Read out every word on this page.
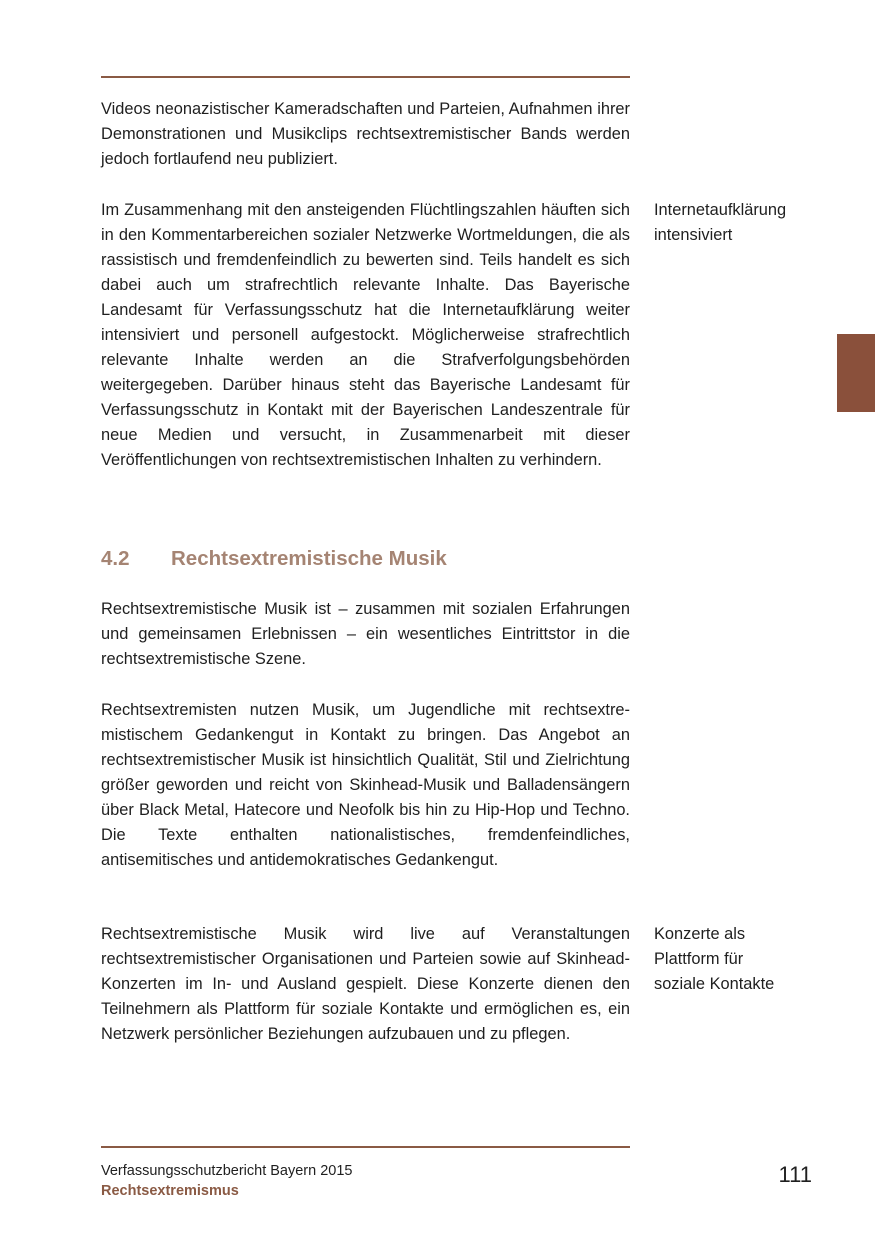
Videos neonazistischer Kameradschaften und Parteien, Aufnahmen ihrer Demonstrationen und Musikclips rechtsextremistischer Bands werden jedoch fortlaufend neu publiziert.

Im Zusammenhang mit den ansteigenden Flüchtlingszahlen häuften sich in den Kommentarbereichen sozialer Netzwerke Wortmeldungen, die als rassistisch und fremdenfeindlich zu bewerten sind. Teils handelt es sich dabei auch um strafrechtlich relevante Inhalte. Das Bayerische Landesamt für Verfassungsschutz hat die Internetaufklärung weiter intensiviert und personell aufgestockt. Möglicherweise strafrechtlich relevante Inhalte werden an die Strafverfolgungsbehörden weitergegeben. Darüber hinaus steht das Bayerische Landesamt für Verfassungsschutz in Kontakt mit der Bayerischen Landeszentrale für neue Medien und versucht, in Zusammenarbeit mit dieser Veröffentlichungen von rechtsextremistischen Inhalten zu verhindern.

Internetaufklärung
intensiviert
4.2 Rechtsextremistische Musik

Rechtsextremistische Musik ist – zusammen mit sozialen Erfahrungen und gemeinsamen Erlebnissen – ein wesentliches Eintrittstor in die rechtsextremistische Szene.

Rechtsextremisten nutzen Musik, um Jugendliche mit rechtsextremistischem Gedankengut in Kontakt zu bringen. Das Angebot an rechtsextremistischer Musik ist hinsichtlich Qualität, Stil und Zielrichtung größer geworden und reicht von Skinhead-Musik und Balladensängern über Black Metal, Hatecore und Neofolk bis hin zu Hip-Hop und Techno. Die Texte enthalten nationalistisches, fremdenfeindliches, antisemitisches und antidemokratisches Gedankengut.

Rechtsextremistische Musik wird live auf Veranstaltungen rechtsextremistischer Organisationen und Parteien sowie auf Skinhead-Konzerten im In- und Ausland gespielt. Diese Konzerte dienen den Teilnehmern als Plattform für soziale Kontakte und ermöglichen es, ein Netzwerk persönlicher Beziehungen aufzubauen und zu pflegen.

Konzerte als
Plattform für
soziale Kontakte
Verfassungsschutzbericht Bayern 2015
Rechtsextremismus
111
